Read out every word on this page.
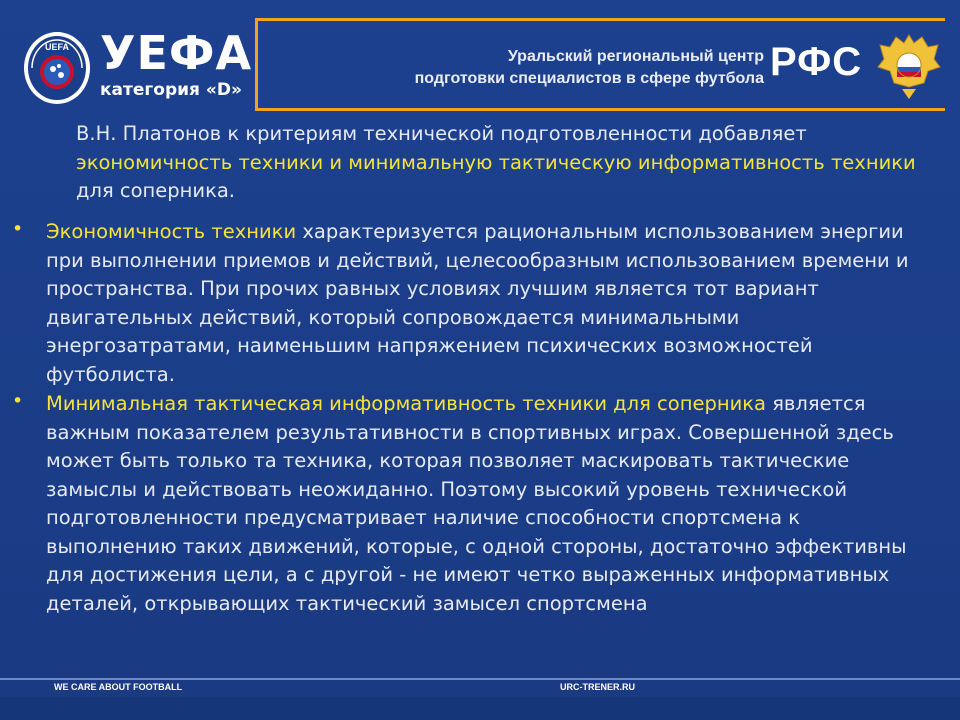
UEFA УЕФА
категория «D»
Уральский региональный центр
подготовки специалистов в сфере футбола РФС
В.Н. Платонов к критериям технической подготовленности добавляет экономичность техники и минимальную тактическую информативность техники для соперника.
• Экономичность техники характеризуется рациональным использованием энергии при выполнении приемов и действий, целесообразным использованием времени и пространства. При прочих равных условиях лучшим является тот вариант двигательных действий, который сопровождается минимальными энергозатратами, наименьшим напряжением психических возможностей футболиста.
• Минимальная тактическая информативность техники для соперника является важным показателем результативности в спортивных играх. Совершенной здесь может быть только та техника, которая позволяет маскировать тактические замыслы и действовать неожиданно. Поэтому высокий уровень технической подготовленности предусматривает наличие способности спортсмена к выполнению таких движений, которые, с одной стороны, достаточно эффективны для достижения цели, а с другой - не имеют четко выраженных информативных деталей, открывающих тактический замысел спортсмена
WE CARE ABOUT FOOTBALL	URC-TRENER.RU
